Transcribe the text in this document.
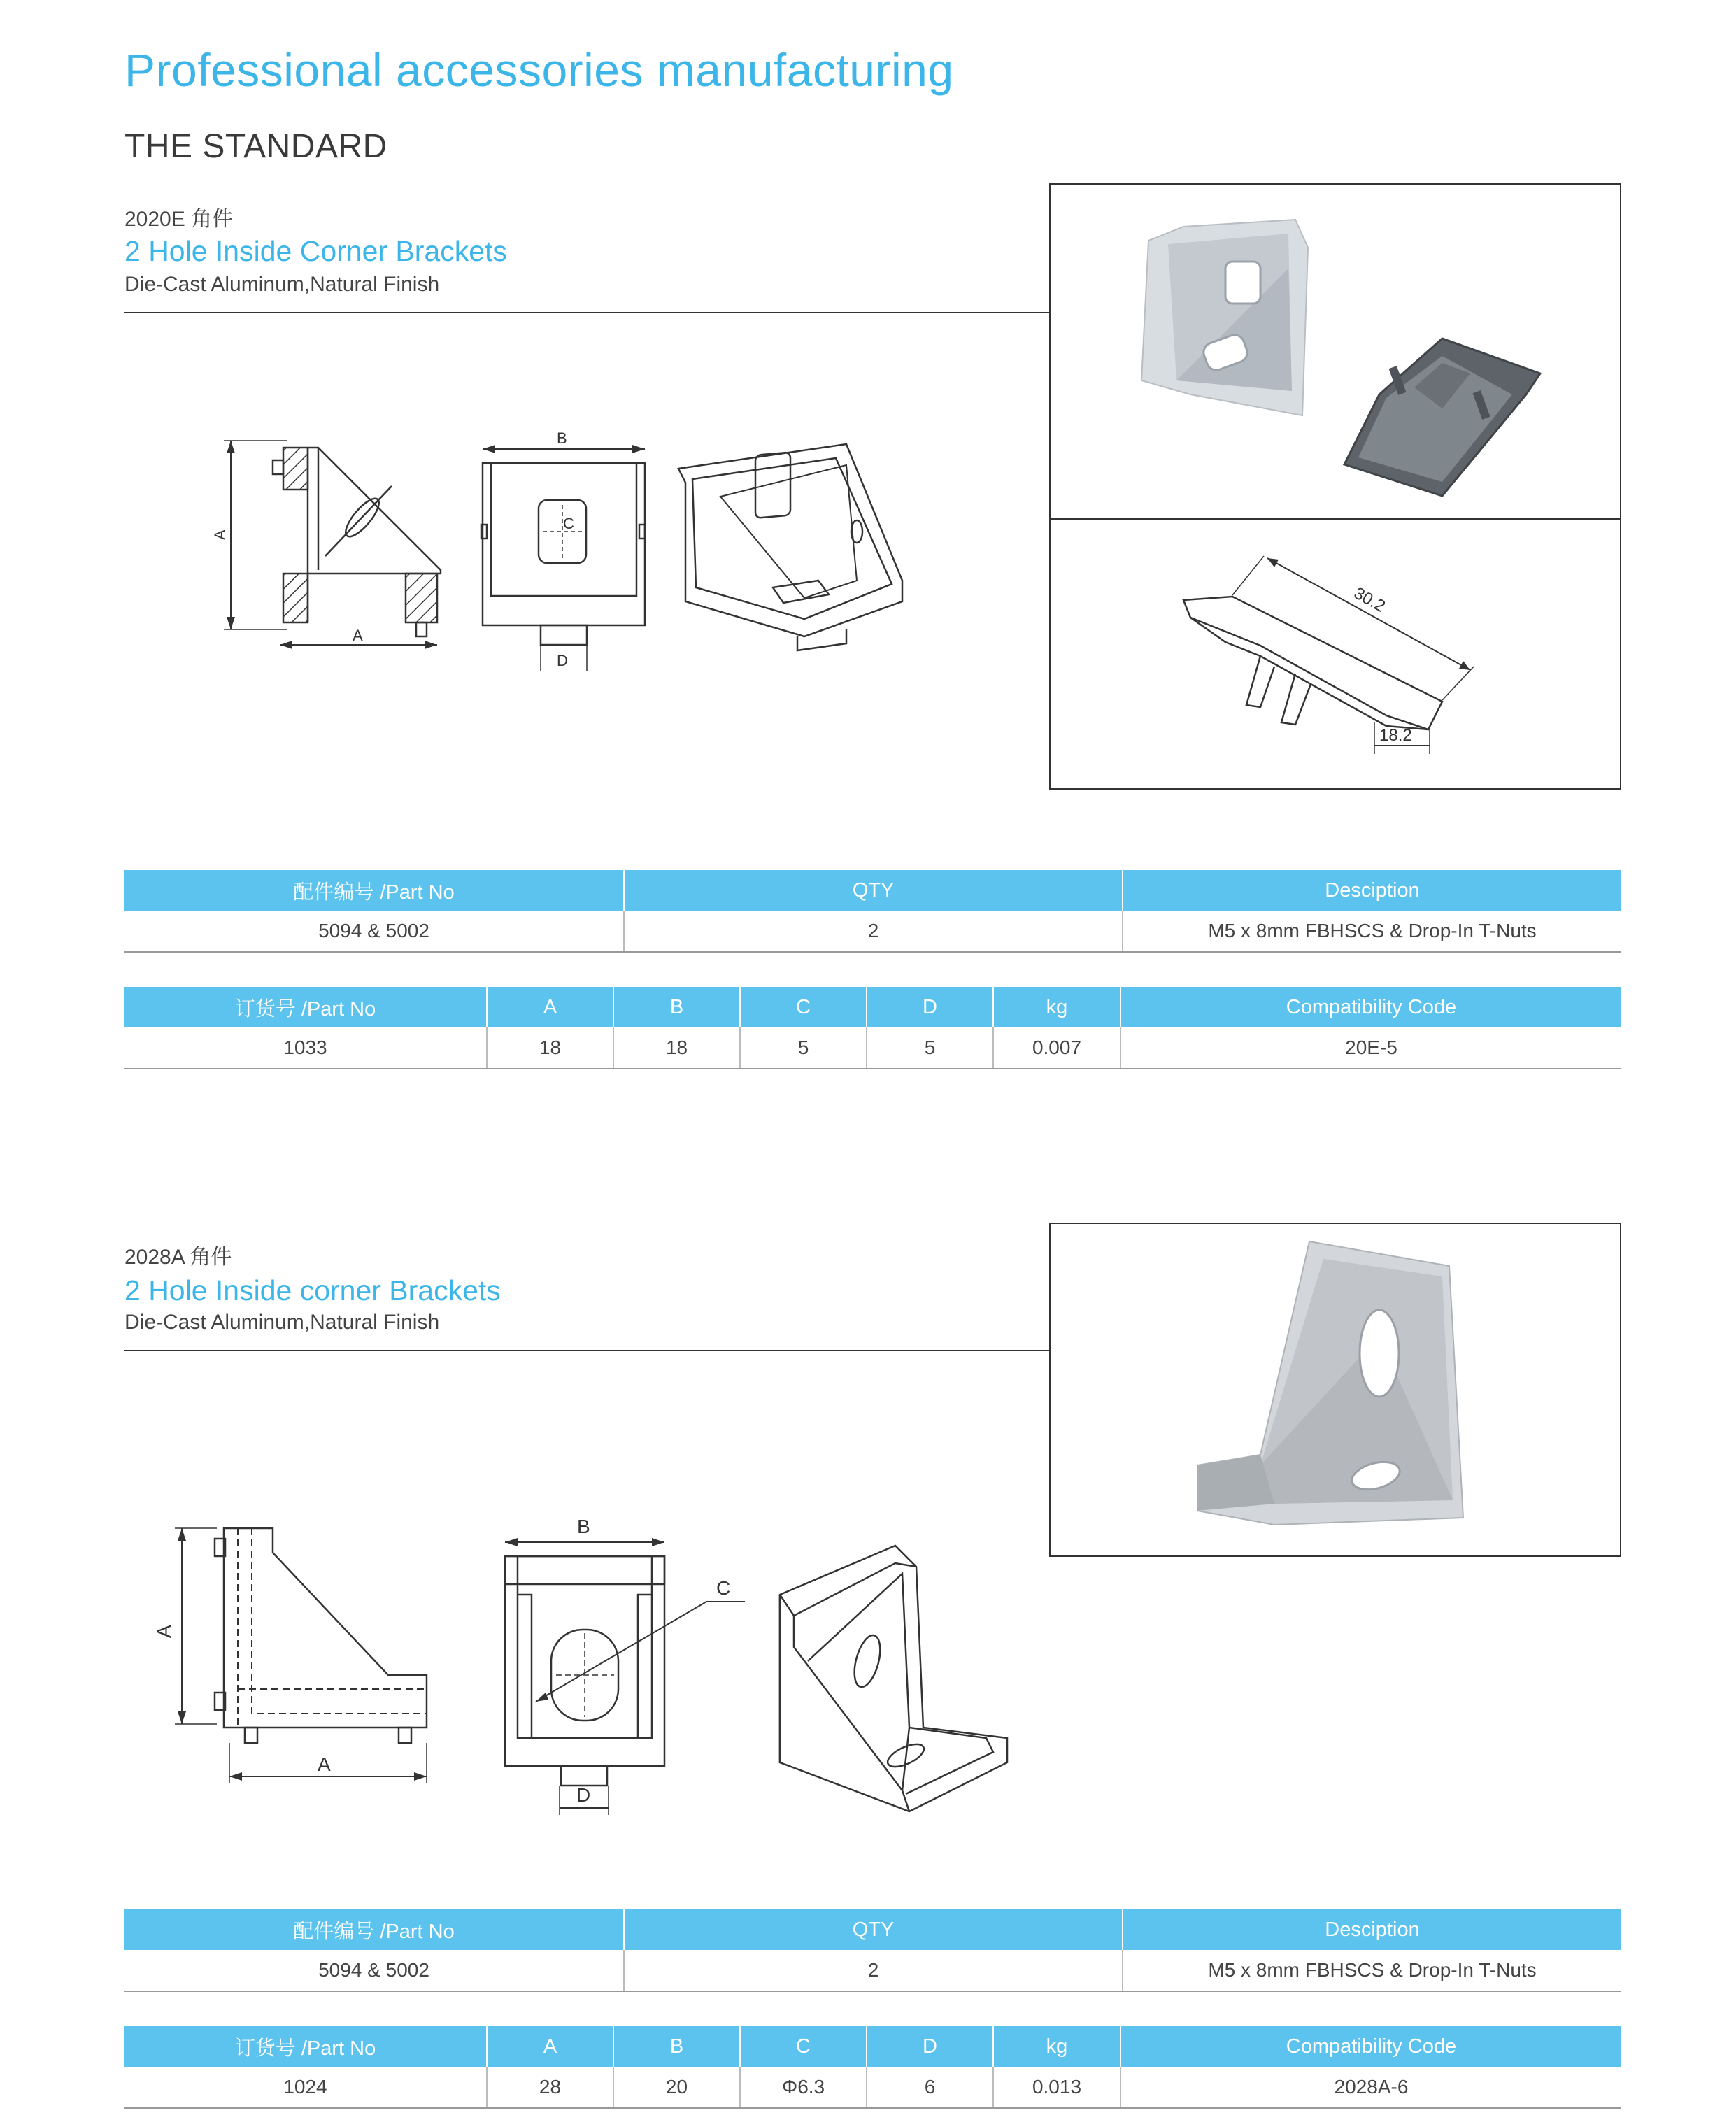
Professional accessories manufacturing
THE STANDARD
2020E 角件
2 Hole Inside Corner Brackets
Die-Cast Aluminum,Natural Finish
A
A
B
C
D
30.2
18.2
配件编号 /Part No	QTY	Desciption
5094 & 5002	2	M5 x 8mm FBHSCS & Drop-In T-Nuts
订货号 /Part No	A	B	C	D	kg	Compatibility Code
1033	18	18	5	5	0.007	20E-5
2028A 角件
2 Hole Inside corner Brackets
Die-Cast Aluminum,Natural Finish
A
A
B
C
D
配件编号 /Part No	QTY	Desciption
5094 & 5002	2	M5 x 8mm FBHSCS & Drop-In T-Nuts
订货号 /Part No	A	B	C	D	kg	Compatibility Code
1024	28	20	Φ6.3	6	0.013	2028A-6
